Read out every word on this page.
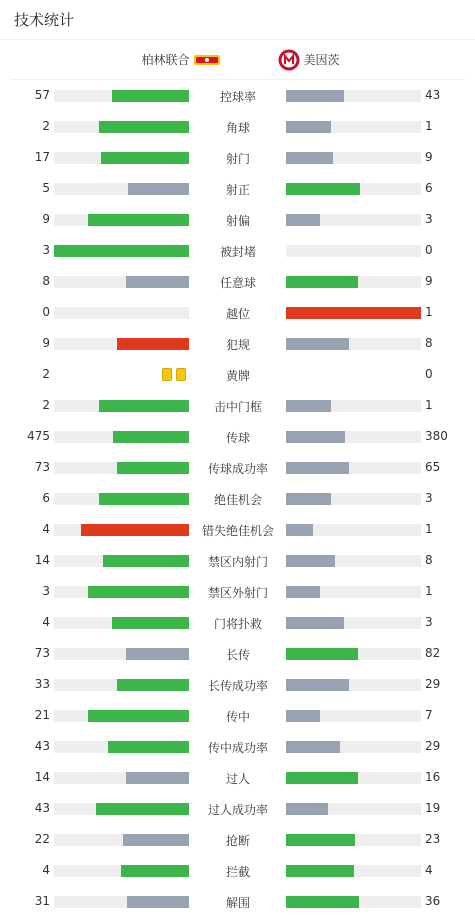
技术统计
柏林联合	美因茨
57	控球率	43
2	角球	1
17	射门	9
5	射正	6
9	射偏	3
3	被封堵	0
8	任意球	9
0	越位	1
9	犯规	8
2	黄牌	0
2	击中门框	1
475	传球	380
73	传球成功率	65
6	绝佳机会	3
4	错失绝佳机会	1
14	禁区内射门	8
3	禁区外射门	1
4	门将扑救	3
73	长传	82
33	长传成功率	29
21	传中	7
43	传中成功率	29
14	过人	16
43	过人成功率	19
22	抢断	23
4	拦截	4
31	解围	36
